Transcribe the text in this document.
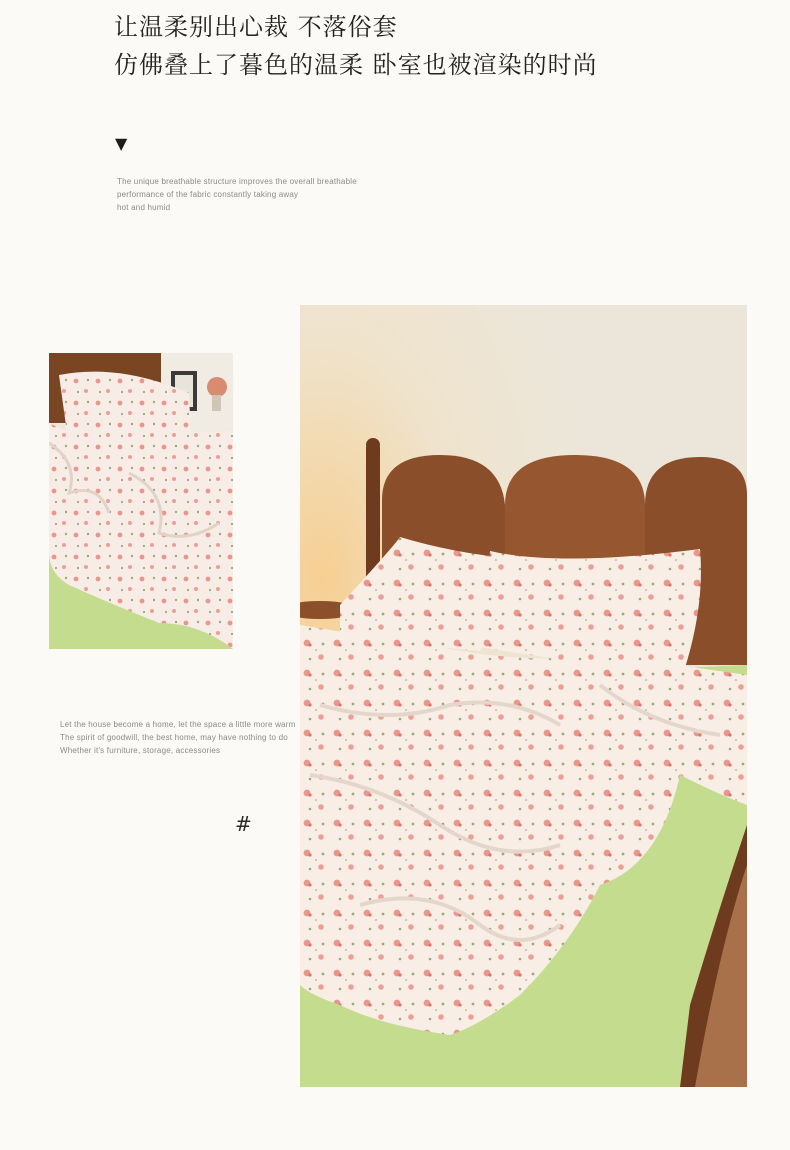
让温柔别出心裁 不落俗套
仿佛叠上了暮色的温柔 卧室也被渲染的时尚
▼
The unique breathable structure improves the overall breathable
performance of the fabric constantly taking away
hot and humid
Let the house become a home, let the space a little more warm
The spirit of goodwill, the best home, may have nothing to do
Whether it's furniture, storage, accessories
#
